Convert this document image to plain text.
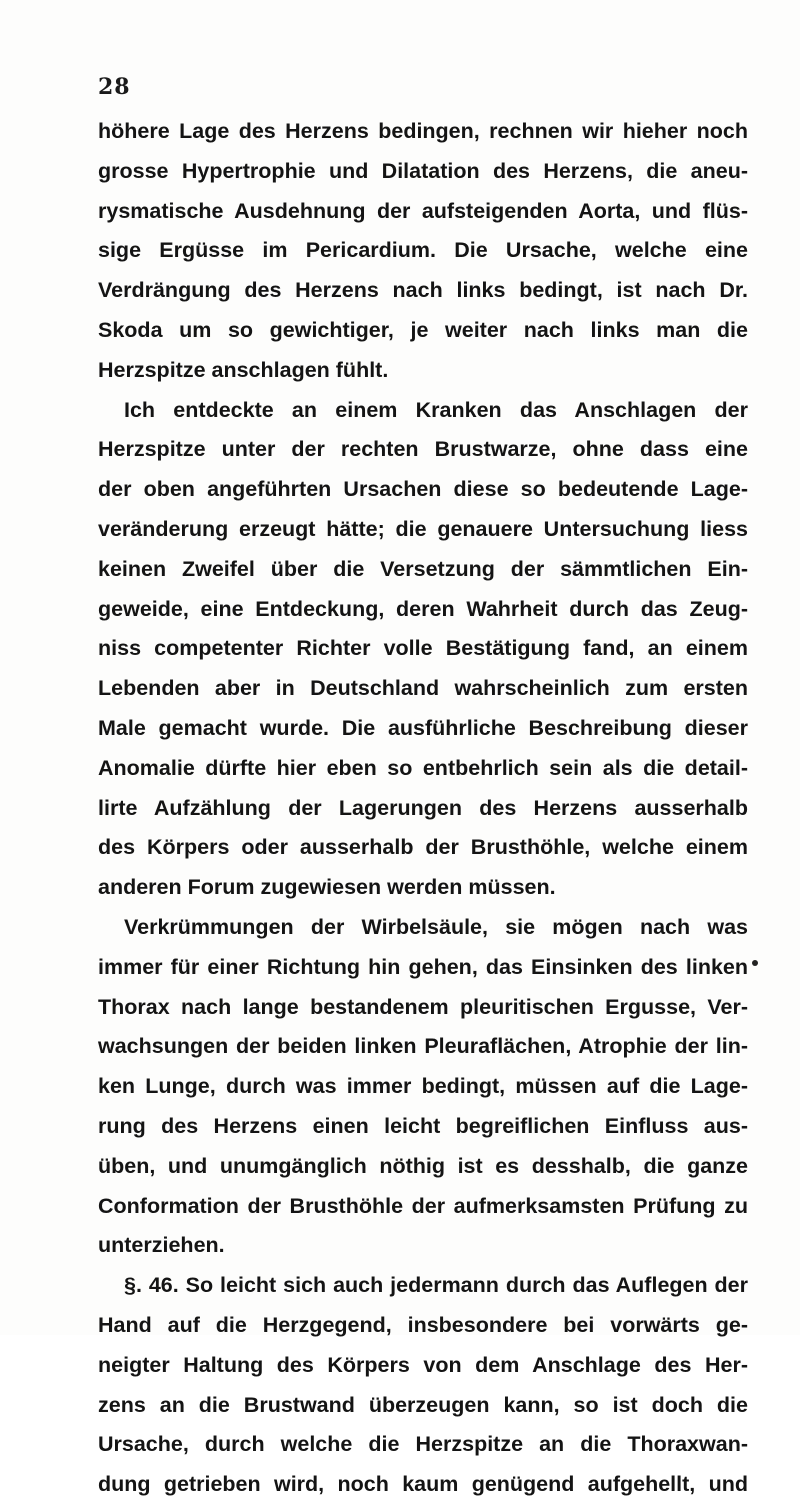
28
höhere Lage des Herzens bedingen, rechnen wir hieher noch
grosse Hypertrophie und Dilatation des Herzens, die aneu-
rysmatische Ausdehnung der aufsteigenden Aorta, und flüs-
sige Ergüsse im Pericardium. Die Ursache, welche eine
Verdrängung des Herzens nach links bedingt, ist nach Dr.
Skoda um so gewichtiger, je weiter nach links man die
Herzspitze anschlagen fühlt.
Ich entdeckte an einem Kranken das Anschlagen der
Herzspitze unter der rechten Brustwarze, ohne dass eine
der oben angeführten Ursachen diese so bedeutende Lage-
veränderung erzeugt hätte; die genauere Untersuchung liess
keinen Zweifel über die Versetzung der sämmtlichen Ein-
geweide, eine Entdeckung, deren Wahrheit durch das Zeug-
niss competenter Richter volle Bestätigung fand, an einem
Lebenden aber in Deutschland wahrscheinlich zum ersten
Male gemacht wurde. Die ausführliche Beschreibung dieser
Anomalie dürfte hier eben so entbehrlich sein als die detail-
lirte Aufzählung der Lagerungen des Herzens ausserhalb
des Körpers oder ausserhalb der Brusthöhle, welche einem
anderen Forum zugewiesen werden müssen.
Verkrümmungen der Wirbelsäule, sie mögen nach was
immer für einer Richtung hin gehen, das Einsinken des linken
Thorax nach lange bestandenem pleuritischen Ergusse, Ver-
wachsungen der beiden linken Pleuraflächen, Atrophie der lin-
ken Lunge, durch was immer bedingt, müssen auf die Lage-
rung des Herzens einen leicht begreiflichen Einfluss aus-
üben, und unumgänglich nöthig ist es desshalb, die ganze
Conformation der Brusthöhle der aufmerksamsten Prüfung zu
unterziehen.
§. 46. So leicht sich auch jedermann durch das Auflegen der
Hand auf die Herzgegend, insbesondere bei vorwärts ge-
neigter Haltung des Körpers von dem Anschlage des Her-
zens an die Brustwand überzeugen kann, so ist doch die
Ursache, durch welche die Herzspitze an die Thoraxwan-
dung getrieben wird, noch kaum genügend aufgehellt, und
